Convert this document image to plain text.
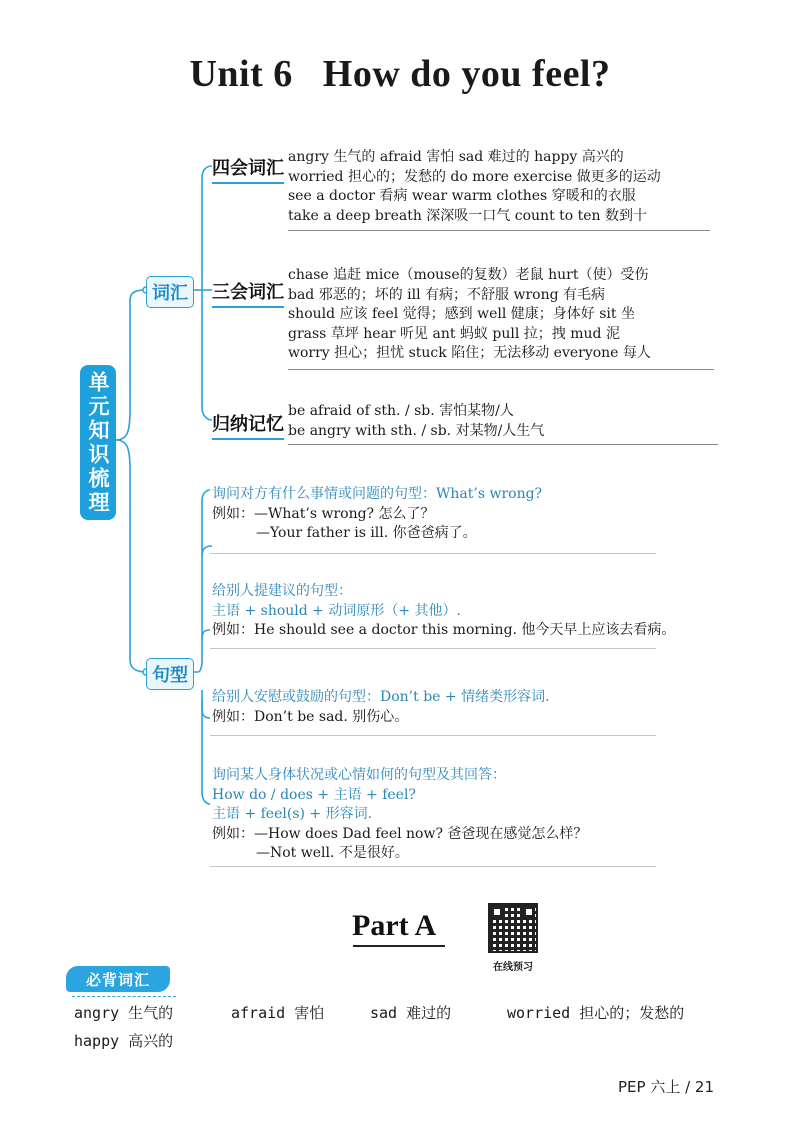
Unit 6 How do you feel?
单元知识梳理
词汇
句型
四会词汇
angry 生气的 afraid 害怕 sad 难过的 happy 高兴的
worried 担心的；发愁的 do more exercise 做更多的运动
see a doctor 看病 wear warm clothes 穿暖和的衣服
take a deep breath 深深吸一口气 count to ten 数到十
三会词汇
chase 追赶 mice（mouse的复数）老鼠 hurt（使）受伤
bad 邪恶的；坏的 ill 有病；不舒服 wrong 有毛病
should 应该 feel 觉得；感到 well 健康；身体好 sit 坐
grass 草坪 hear 听见 ant 蚂蚁 pull 拉；拽 mud 泥
worry 担心；担忧 stuck 陷住；无法移动 everyone 每人
归纳记忆
be afraid of sth. / sb. 害怕某物/人
be angry with sth. / sb. 对某物/人生气
询问对方有什么事情或问题的句型：What’s wrong?
例如：—What’s wrong? 怎么了？
—Your father is ill. 你爸爸病了。
给别人提建议的句型：
主语 + should + 动词原形（+ 其他）.
例如：He should see a doctor this morning. 他今天早上应该去看病。
给别人安慰或鼓励的句型：Don’t be + 情绪类形容词.
例如：Don’t be sad. 别伤心。
询问某人身体状况或心情如何的句型及其回答：
How do / does + 主语 + feel?
主语 + feel(s) + 形容词.
例如：—How does Dad feel now? 爸爸现在感觉怎么样？
—Not well. 不是很好。
Part A
在线预习
必背词汇
angry 生气的	afraid 害怕	sad 难过的	worried 担心的；发愁的
happy 高兴的
PEP 六上 / 21
